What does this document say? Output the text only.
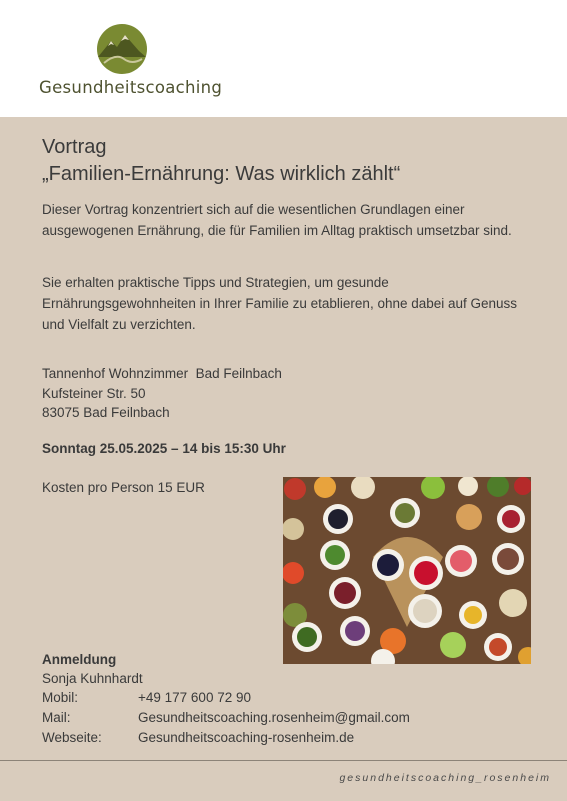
Gesundheitscoaching
Vortrag
„Familien-Ernährung: Was wirklich zählt“
Dieser Vortrag konzentriert sich auf die wesentlichen Grundlagen einer ausgewogenen Ernährung, die für Familien im Alltag praktisch umsetzbar sind.
Sie erhalten praktische Tipps und Strategien, um gesunde Ernährungsgewohnheiten in Ihrer Familie zu etablieren, ohne dabei auf Genuss und Vielfalt zu verzichten.
Tannenhof Wohnzimmer  Bad Feilnbach
Kufsteiner Str. 50
83075 Bad Feilnbach
Sonntag 25.05.2025 – 14 bis 15:30 Uhr
Kosten pro Person 15 EUR
Anmeldung
Sonja Kuhnhardt
Mobil:	+49 177 600 72 90
Mail:	Gesundheitscoaching.rosenheim@gmail.com
Webseite:	Gesundheitscoaching-rosenheim.de
gesundheitscoaching_rosenheim
